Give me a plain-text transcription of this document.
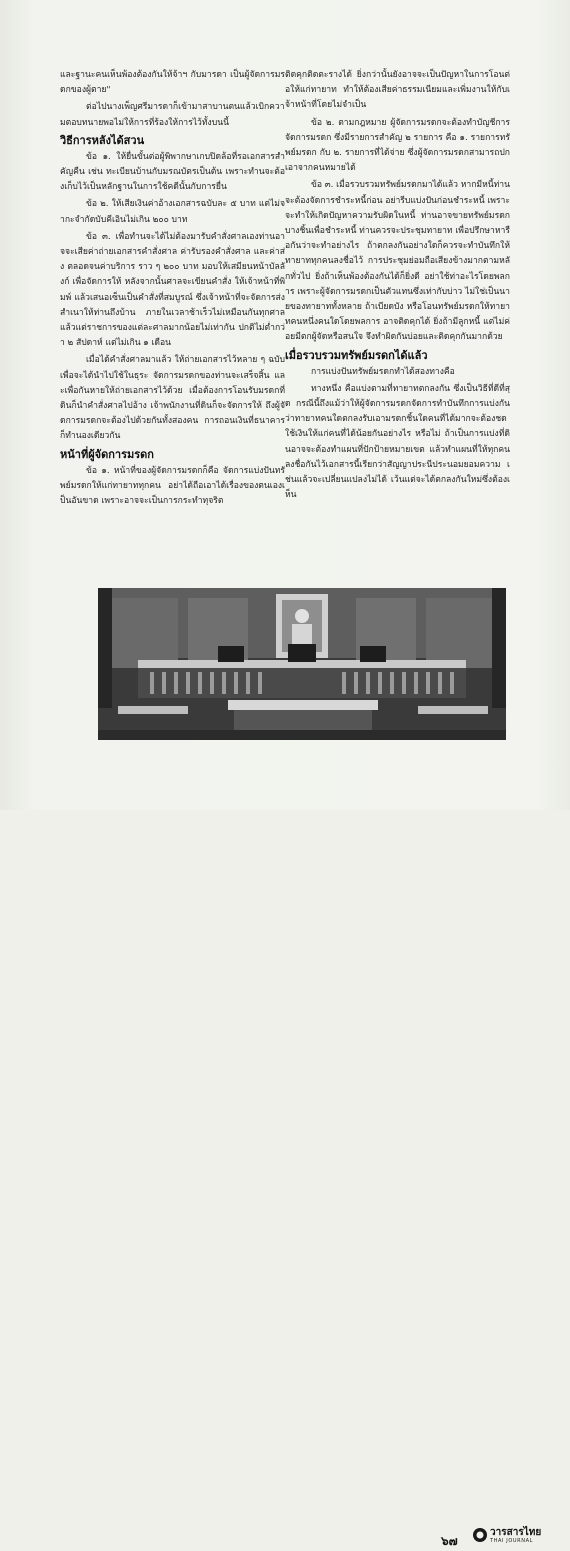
และฐานะคนเห็นพ้องต้องกันให้จ้าฯ กับมารดา เป็นผู้จัดการมรดกของผู้ตาย"

ต่อไปนางเพ็ญศรีมารดาก็เข้ามาสาบานตนแล้วเบิกความตอบทนายพอไม่ให้การที่ร้องให้การไว้ทั้งบนนี้

วิธีการหลังได้สวน

ข้อ ๑. ให้ยื่นขั้นต่อผู้พิพากษาเกบปิดล้อที่รอเอกสารสำคัญคืน เช่น ทะเบียนบ้านกับมรณบัตรเป็นต้น เพราะทำนจะต้องเก็บไว้เป็นหลักฐานในการใช้คดีนั้นกับการยื่น

ข้อ ๒. ให้เสียเงินค่าอ้างเอกสารฉบับละ ๕ บาท แต่ไม่จำกะจำกัดบับคีเอินไม่เกิน ๒๐๐ บาท

ข้อ ๓. เพื่อทำนจะได้ไม่ต้องมารับคำสั่งศาลเองท่านอาจจะเสียค่าถ่ายเอกสารคำสั่งศาล ค่ารับรองคำสั่งศาล และค่าส่ง ตลอดจนค่าบริการ ราว ๆ ๒๐๐ บาท มอบให้เสมียนหน้าบัลลังก์ เพื่อจัดการให้ หลังจากนั้นศาลจะเขียนคำสั่ง ให้เจ้าหน้าที่พิมพ์ แล้วเสนอเซ็นเป็นคำสั่งที่สมบูรณ์ ซึ่งเจ้าหน้าที่จะจัดการส่งสำเนาให้ท่านถึงบ้าน ภายในเวลาช้าเร็วไม่เหมือนกันทุกศาล แล้วแต่ราชการของแต่ละศาลมากน้อยไม่เท่ากัน ปกติไม่ต่ำกว่า ๒ สัปดาห์ แต่ไม่เกิน ๑ เดือน

เมื่อได้คำสั่งศาลมาแล้ว ให้ถ่ายเอกสารไว้หลาย ๆ ฉบับ เพื่อจะได้นำไปใช้ในธุระ จัดการมรดกของท่านจะเสร็จสิ้น และเพื่อกันหายให้ถ่ายเอกสารไว้ด้วย เมื่อต้องการโอนรับมรดกที่ดินก็นำคำสั่งศาลไปอ้าง เจ้าพนักงานที่ดินก็จะจัดการให้ ถึงผู้จัดการมรดกจะต้องไปด้วยกันทั้งสองคน การถอนเงินที่ธนาคารก็ทำนองเดียวกัน

หน้าที่ผู้จัดการมรดก

ข้อ ๑. หน้าที่ของผู้จัดการมรดกก็คือ จัดการแบ่งปันทรัพย์มรดกให้แก่ทายาททุกคน อย่าได้ถือเอาได้เรื่องของตนเองเป็นอันขาด เพราะอาจจะเป็นการกระทำทุจริต

ติดคุกติดตะรางได้ ยิ่งกว่านั้นยังอาจจะเป็นปัญหาในการโอนต่อให้แก่ทายาท ทำให้ต้องเสียค่าธรรมเนียมและเพิ่มงานให้กับเจ้าหน้าที่โดยไม่จำเป็น

ข้อ ๒. ตามกฎหมาย ผู้จัดการมรดกจะต้องทำบัญชีการจัดการมรดก ซึ่งมีรายการสำคัญ ๒ รายการ คือ ๑. รายการทรัพย์มรดก กับ ๒. รายการที่ได้จ่าย ซึ่งผู้จัดการมรดกสามารถปกเอาจากคนหมายได้

ข้อ ๓. เมื่อรวบรวมทรัพย์มรดกมาได้แล้ว หากมีหนี้ท่านจะต้องจัดการชำระหนี้ก่อน อย่ารีบแบ่งปันก่อนชำระหนี้ เพราะจะทำให้เกิดปัญหาความรับผิดในหนี้ ท่านอาจขายทรัพย์มรดกบางชิ้นเพื่อชำระหนี้ ท่านควรจะประชุมทายาท เพื่อปรึกษาหารือกันว่าจะทำอย่างไร ถ้าตกลงกันอย่างใดก็ควรจะทำบันทึกให้ทายาททุกคนลงชื่อไว้ การประชุมย่อมถือเสียงข้างมากตามหลักทั่วไป ยิ่งถ้าเห็นพ้องต้องกันได้ก็ยิ่งดี อย่าใช้ท่าอะไรโดยพลการ เพราะผู้จัดการมรดกเป็นตัวแทนซึ่งเท่ากับบ่าว ไม่ใช่เป็นนายของทายาททั้งหลาย ถ้าเบียดบัง หรือโอนทรัพย์มรดกให้ทายาทคนหนึ่งคนใดโดยพลการ อาจติดคุกได้ ยิ่งถ้ามีลูกหนี้ แต่ไม่ค่อยมีตกผู้จัดหรือสนใจ จึงทำผิดกันบ่อยและติดคุกกันมากด้วย

เมื่อรวบรวมทรัพย์มรดกได้แล้ว

การแบ่งปันทรัพย์มรดกทำได้สองทางคือ

ทางหนึ่ง คือแบ่งตามที่ทายาทตกลงกัน ซึ่งเป็นวิธีที่ดีที่สุด กรณีนี้ถึงแม้ว่าให้ผู้จัดการมรดกจัดการทำบันทึกการแบ่งกันว่าทายาทคนใดตกลงรับเอามรดกชิ้นใดคนที่ได้มากจะต้องชดใช้เงินให้แก่คนที่ได้น้อยกันอย่างไร หรือไม่ ถ้าเป็นการแบ่งที่ดินอาจจะต้องทำแผนที่ปักป้ายหมายเขต แล้วทำแผนที่ให้ทุกคนลงชื่อกันไว้เอกสารนี้เรียกว่าสัญญาประนีประนอมยอมความ เช่นแล้วจะเปลี่ยนแปลงไม่ได้ เว้นแต่จะได้ตกลงกันใหม่ซึ่งต้องเห็น

๖๗
วารสารไทย
THAI JOURNAL
